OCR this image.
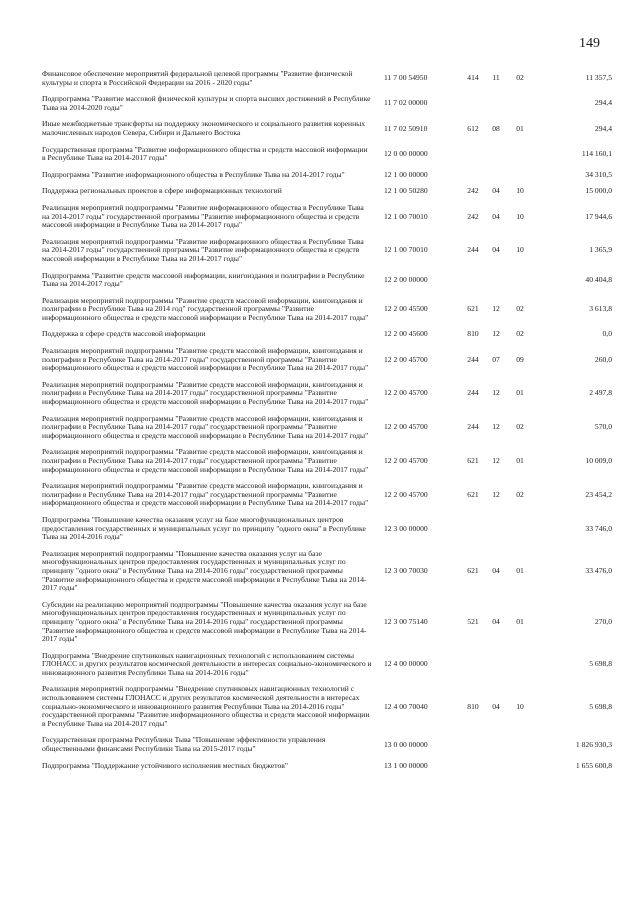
149
Финансовое обеспечение мероприятий федеральной целевой программы "Развитие физической культуры и спорта в Российской Федерации на 2016 - 2020 годы"	11 7 00 54950	414	11	02	11 357,5
Подпрограмма "Развитие массовой физической культуры и спорта высших достижений в Республике Тыва на 2014-2020 годы"	11 7 02 00000				294,4
Иные межбюджетные трансферты на поддержку экономического и социального развития коренных малочисленных народов Севера, Сибири и Дальнего Востока	11 7 02 50910	612	08	01	294,4
Государственная программа "Развитие информационного общества и средств массовой информации в Республике Тыва на 2014-2017 годы"	12 0 00 00000				114 160,1
Подпрограмма "Развитие информационного общества в Республике Тыва на 2014-2017 годы"	12 1 00 00000				34 310,5
Поддержка региональных проектов в сфере информационных технологий	12 1 00 50280	242	04	10	15 000,0
Реализация мероприятий подпрограммы "Развитие информационного общества в Республике Тыва на 2014-2017 годы" государственной программы "Развитие информационного общества и средств массовой информации в Республике Тыва на 2014-2017 годы"	12 1 00 70010	242	04	10	17 944,6
Реализация мероприятий подпрограммы "Развитие информационного общества в Республике Тыва на 2014-2017 годы" государственной программы "Развитие информационного общества и средств массовой информации в Республике Тыва на 2014-2017 годы"	12 1 00 70010	244	04	10	1 365,9
Подпрограмма "Развитие средств массовой информации, книгоиздания и полиграфии в Республике Тыва на 2014-2017 годы"	12 2 00 00000				40 404,8
Реализация мероприятий подпрограммы "Развитие средств массовой информации, книгоиздания и полиграфии в Республике Тыва на 2014 год" государственной программы "Развитие информационного общества и средств массовой информации в Республике Тыва на 2014-2017 годы"	12 2 00 45500	621	12	02	3 613,8
Поддержка в сфере средств массовой информации	12 2 00 45600	810	12	02	0,0
Реализация мероприятий подпрограммы "Развитие средств массовой информации, книгоиздания и полиграфии в Республике Тыва на 2014-2017 годы" государственной программы "Развитие информационного общества и средств массовой информации в Республике Тыва на 2014-2017 годы"	12 2 00 45700	244	07	09	260,0
Реализация мероприятий подпрограммы "Развитие средств массовой информации, книгоиздания и полиграфии в Республике Тыва на 2014-2017 годы" государственной программы "Развитие информационного общества и средств массовой информации в Республике Тыва на 2014-2017 годы"	12 2 00 45700	244	12	01	2 497,8
Реализация мероприятий подпрограммы "Развитие средств массовой информации, книгоиздания и полиграфии в Республике Тыва на 2014-2017 годы" государственной программы "Развитие информационного общества и средств массовой информации в Республике Тыва на 2014-2017 годы"	12 2 00 45700	244	12	02	570,0
Реализация мероприятий подпрограммы "Развитие средств массовой информации, книгоиздания и полиграфии в Республике Тыва на 2014-2017 годы" государственной программы "Развитие информационного общества и средств массовой информации в Республике Тыва на 2014-2017 годы"	12 2 00 45700	621	12	01	10 009,0
Реализация мероприятий подпрограммы "Развитие средств массовой информации, книгоиздания и полиграфии в Республике Тыва на 2014-2017 годы" государственной программы "Развитие информационного общества и средств массовой информации в Республике Тыва на 2014-2017 годы"	12 2 00 45700	621	12	02	23 454,2
Подпрограмма "Повышение качества оказания услуг на базе многофункциональных центров предоставления государственных и муниципальных услуг по принципу "одного окна" в Республике Тыва на 2014-2016 годы"	12 3 00 00000				33 746,0
Реализация мероприятий подпрограммы "Повышение качества оказания услуг на базе многофункциональных центров предоставления государственных и муниципальных услуг по принципу "одного окна" в Республике Тыва на 2014-2016 годы" государственной программы "Развитие информационного общества и средств массовой информации в Республике Тыва на 2014-2017 годы"	12 3 00 70030	621	04	01	33 476,0
Субсидии на реализацию мероприятий подпрограммы "Повышение качества оказания услуг на базе многофункциональных центров предоставления государственных и муниципальных услуг по принципу "одного окна" в Республике Тыва на 2014-2016 годы" государственной программы "Развитие информационного общества и средств массовой информации в Республике Тыва на 2014-2017 годы"	12 3 00 75140	521	04	01	270,0
Подпрограмма "Внедрение спутниковых навигационных технологий с использованием системы ГЛОНАСС и других результатов космической деятельности в интересах социально-экономического и инновационного развития Республики Тыва на 2014-2016 годы"	12 4 00 00000				5 698,8
Реализация мероприятий подпрограммы "Внедрение спутниковых навигационных технологий с использованием системы ГЛОНАСС и других результатов космической деятельности в интересах социально-экономического и инновационного развития Республики Тыва на 2014-2016 годы" государственной программы "Развитие информационного общества и средств массовой информации в Республике Тыва на 2014-2017 годы"	12 4 00 70040	810	04	10	5 698,8
Государственная программа Республики Тыва "Повышение эффективности управления общественными финансами Республики Тыва на 2015-2017 годы"	13 0 00 00000				1 826 930,3
Подпрограмма "Поддержание устойчивого исполнения местных бюджетов"	13 1 00 00000				1 655 600,8
